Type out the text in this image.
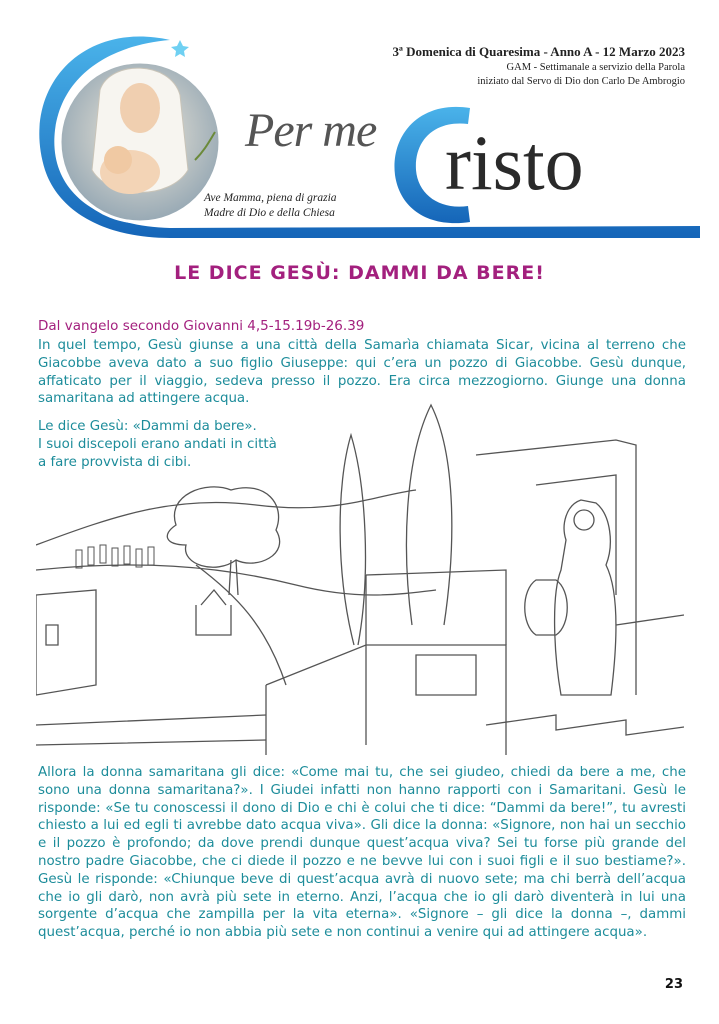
3ª Domenica di Quaresima - Anno A - 12 Marzo 2023
GAM - Settimanale a servizio della Parola
iniziato dal Servo di Dio don Carlo De Ambrogio
Per me risto
Ave Mamma, piena di grazia
Madre di Dio e della Chiesa
LE DICE GESÙ: DAMMI DA BERE!
Dal vangelo secondo Giovanni 4,5-15.19b-26.39

In quel tempo, Gesù giunse a una città della Samarìa chiamata Sicar, vicina al terreno che Giacobbe aveva dato a suo figlio Giuseppe: qui c’era un pozzo di Giacobbe. Gesù dunque, affaticato per il viaggio, sedeva presso il pozzo. Era circa mezzogiorno. Giunge una donna samaritana ad attingere acqua.

Le dice Gesù: «Dammi da bere».
I suoi discepoli erano andati in città
a fare provvista di cibi.

Allora la donna samaritana gli dice: «Come mai tu, che sei giudeo, chiedi da bere a me, che sono una donna samaritana?». I Giudei infatti non hanno rapporti con i Samaritani. Gesù le risponde: «Se tu conoscessi il dono di Dio e chi è colui che ti dice: “Dammi da bere!”, tu avresti chiesto a lui ed egli ti avrebbe dato acqua viva». Gli dice la donna: «Signore, non hai un secchio e il pozzo è profondo; da dove prendi dunque quest’acqua viva? Sei tu forse più grande del nostro padre Giacobbe, che ci diede il pozzo e ne bevve lui con i suoi figli e il suo bestiame?». Gesù le risponde: «Chiunque beve di quest’acqua avrà di nuovo sete; ma chi berrà dell’acqua che io gli darò, non avrà più sete in eterno. Anzi, l’acqua che io gli darò diventerà in lui una sorgente d’acqua che zampilla per la vita eterna». «Signore – gli dice la donna –, dammi quest’acqua, perché io non abbia più sete e non continui a venire qui ad attingere acqua».

23
